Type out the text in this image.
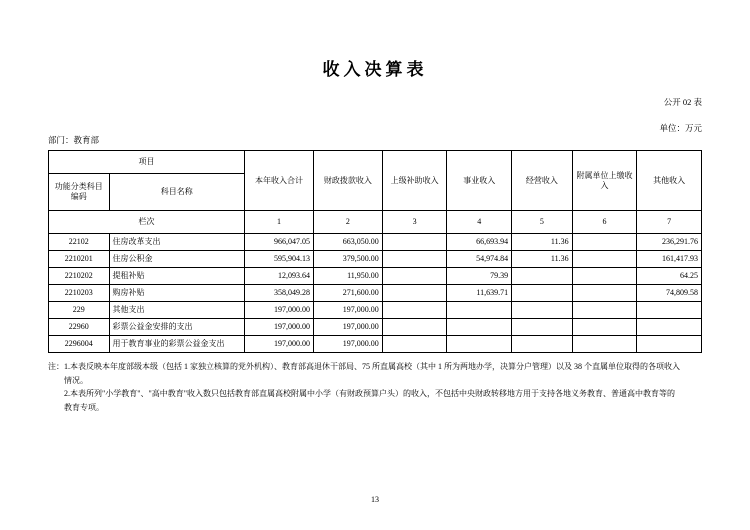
收入决算表
公开 02 表
部门：教育部
单位：万元
项目		本年收入合计	财政拨款收入	上级补助收入	事业收入	经营收入	附属单位上缴收入	其他收入
功能分类科目编码	科目名称							
栏次		1	2	3	4	5	6	7
22102	住房改革支出	966,047.05	663,050.00		66,693.94	11.36		236,291.76
2210201	住房公积金	595,904.13	379,500.00		54,974.84	11.36		161,417.93
2210202	提租补贴	12,093.64	11,950.00		79.39			64.25
2210203	购房补贴	358,049.28	271,600.00		11,639.71			74,809.58
229	其他支出	197,000.00	197,000.00					
22960	彩票公益金安排的支出	197,000.00	197,000.00					
2296004	用于教育事业的彩票公益金支出	197,000.00	197,000.00					

注：1.本表反映本年度部级本级（包括 1 家独立核算的党外机构）、教育部高退休干部局、75 所直属高校（其中 1 所为两地办学，决算分户管理）以及 38 个直属单位取得的各项收入

情况。

2.本表所列"小学教育"、"高中教育"收入数只包括教育部直属高校附属中小学（有财政预算户头）的收入，不包括中央财政转移地方用于支持各地义务教育、普通高中教育等的

教育专项。

13
